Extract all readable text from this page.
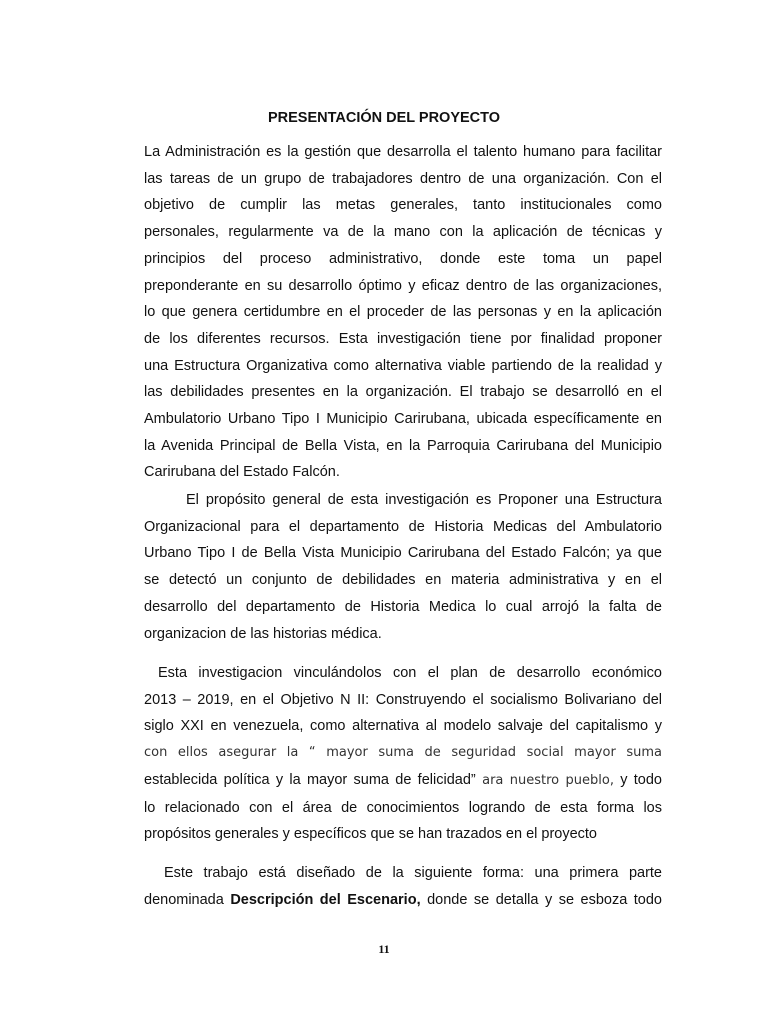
PRESENTACIÓN DEL PROYECTO
La Administración es la gestión que desarrolla el talento humano para facilitar
las tareas de un grupo de trabajadores dentro de una organización. Con el
objetivo de cumplir las metas generales, tanto institucionales como
personales, regularmente va de la mano con la aplicación de técnicas y
principios del proceso administrativo, donde este toma un papel
preponderante en su desarrollo óptimo y eficaz dentro de las organizaciones,
lo que genera certidumbre en el proceder de las personas y en la aplicación
de los diferentes recursos. Esta investigación tiene por finalidad proponer
una Estructura Organizativa como alternativa viable partiendo de la realidad y
las debilidades presentes en la organización. El trabajo se desarrolló en el
Ambulatorio Urbano Tipo I Municipio Carirubana, ubicada específicamente en
la Avenida Principal de Bella Vista, en la Parroquia Carirubana del Municipio
Carirubana del Estado Falcón.
El propósito general de esta investigación es Proponer una Estructura
Organizacional para el departamento de Historia Medicas del Ambulatorio
Urbano Tipo I de Bella Vista Municipio Carirubana del Estado Falcón; ya que
se detectó un conjunto de debilidades en materia administrativa y en el
desarrollo del departamento de Historia Medica lo cual arrojó la falta de
organizacion de las historias médica.
Esta investigacion vinculándolos con el plan de desarrollo económico
2013 – 2019, en el Objetivo N II: Construyendo el socialismo Bolivariano del
siglo XXI en venezuela, como alternativa al modelo salvaje del capitalismo y
con ellos asegurar la “ mayor suma de seguridad social mayor suma
establecida política y la mayor suma de felicidad” ara nuestro pueblo, y todo
lo relacionado con el área de conocimientos logrando de esta forma los
propósitos generales y específicos que se han trazados en el proyecto
Este trabajo está diseñado de la siguiente forma: una primera parte
denominada Descripción del Escenario, donde se detalla y se esboza todo
11
